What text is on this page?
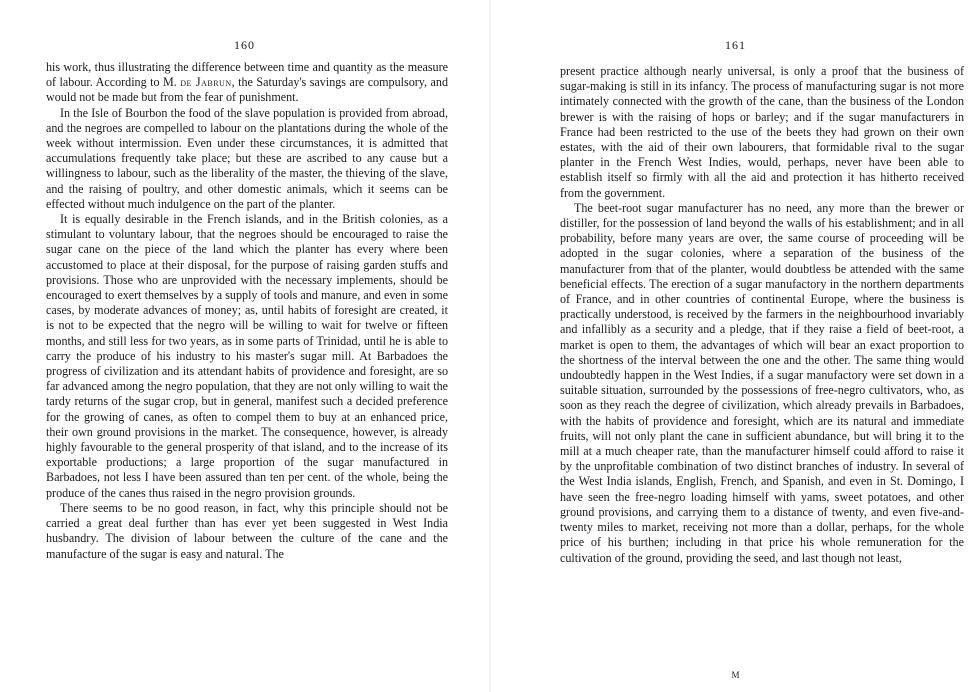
160

his work, thus illustrating the difference between time and quantity as the measure of labour. According to M. de Jabrun, the Saturday's savings are compulsory, and would not be made but from the fear of punishment.

In the Isle of Bourbon the food of the slave population is provided from abroad, and the negroes are compelled to labour on the plantations during the whole of the week without intermission. Even under these circumstances, it is admitted that accumulations frequently take place; but these are ascribed to any cause but a willingness to labour, such as the liberality of the master, the thieving of the slave, and the raising of poultry, and other domestic animals, which it seems can be effected without much indulgence on the part of the planter.

It is equally desirable in the French islands, and in the British colonies, as a stimulant to voluntary labour, that the negroes should be encouraged to raise the sugar cane on the piece of the land which the planter has every where been accustomed to place at their disposal, for the purpose of raising garden stuffs and provisions. Those who are unprovided with the necessary implements, should be encouraged to exert themselves by a supply of tools and manure, and even in some cases, by moderate advances of money; as, until habits of foresight are created, it is not to be expected that the negro will be willing to wait for twelve or fifteen months, and still less for two years, as in some parts of Trinidad, until he is able to carry the produce of his industry to his master's sugar mill. At Barbadoes the progress of civilization and its attendant habits of providence and foresight, are so far advanced among the negro population, that they are not only willing to wait the tardy returns of the sugar crop, but in general, manifest such a decided preference for the growing of canes, as often to compel them to buy at an enhanced price, their own ground provisions in the market. The consequence, however, is already highly favourable to the general prosperity of that island, and to the increase of its exportable productions; a large proportion of the sugar manufactured in Barbadoes, not less I have been assured than ten per cent. of the whole, being the produce of the canes thus raised in the negro provision grounds.

There seems to be no good reason, in fact, why this principle should not be carried a great deal further than has ever yet been suggested in West India husbandry. The division of labour between the culture of the cane and the manufacture of the sugar is easy and natural. The

161

present practice although nearly universal, is only a proof that the business of sugar-making is still in its infancy. The process of manufacturing sugar is not more intimately connected with the growth of the cane, than the business of the London brewer is with the raising of hops or barley; and if the sugar manufacturers in France had been restricted to the use of the beets they had grown on their own estates, with the aid of their own labourers, that formidable rival to the sugar planter in the French West Indies, would, perhaps, never have been able to establish itself so firmly with all the aid and protection it has hitherto received from the government.

The beet-root sugar manufacturer has no need, any more than the brewer or distiller, for the possession of land beyond the walls of his establishment; and in all probability, before many years are over, the same course of proceeding will be adopted in the sugar colonies, where a separation of the business of the manufacturer from that of the planter, would doubtless be attended with the same beneficial effects. The erection of a sugar manufactory in the northern departments of France, and in other countries of continental Europe, where the business is practically understood, is received by the farmers in the neighbourhood invariably and infallibly as a security and a pledge, that if they raise a field of beet-root, a market is open to them, the advantages of which will bear an exact proportion to the shortness of the interval between the one and the other. The same thing would undoubtedly happen in the West Indies, if a sugar manufactory were set down in a suitable situation, surrounded by the possessions of free-negro cultivators, who, as soon as they reach the degree of civilization, which already prevails in Barbadoes, with the habits of providence and foresight, which are its natural and immediate fruits, will not only plant the cane in sufficient abundance, but will bring it to the mill at a much cheaper rate, than the manufacturer himself could afford to raise it by the unprofitable combination of two distinct branches of industry. In several of the West India islands, English, French, and Spanish, and even in St. Domingo, I have seen the free-negro loading himself with yams, sweet potatoes, and other ground provisions, and carrying them to a distance of twenty, and even five-and-twenty miles to market, receiving not more than a dollar, perhaps, for the whole price of his burthen; including in that price his whole remuneration for the cultivation of the ground, providing the seed, and last though not least,

M
